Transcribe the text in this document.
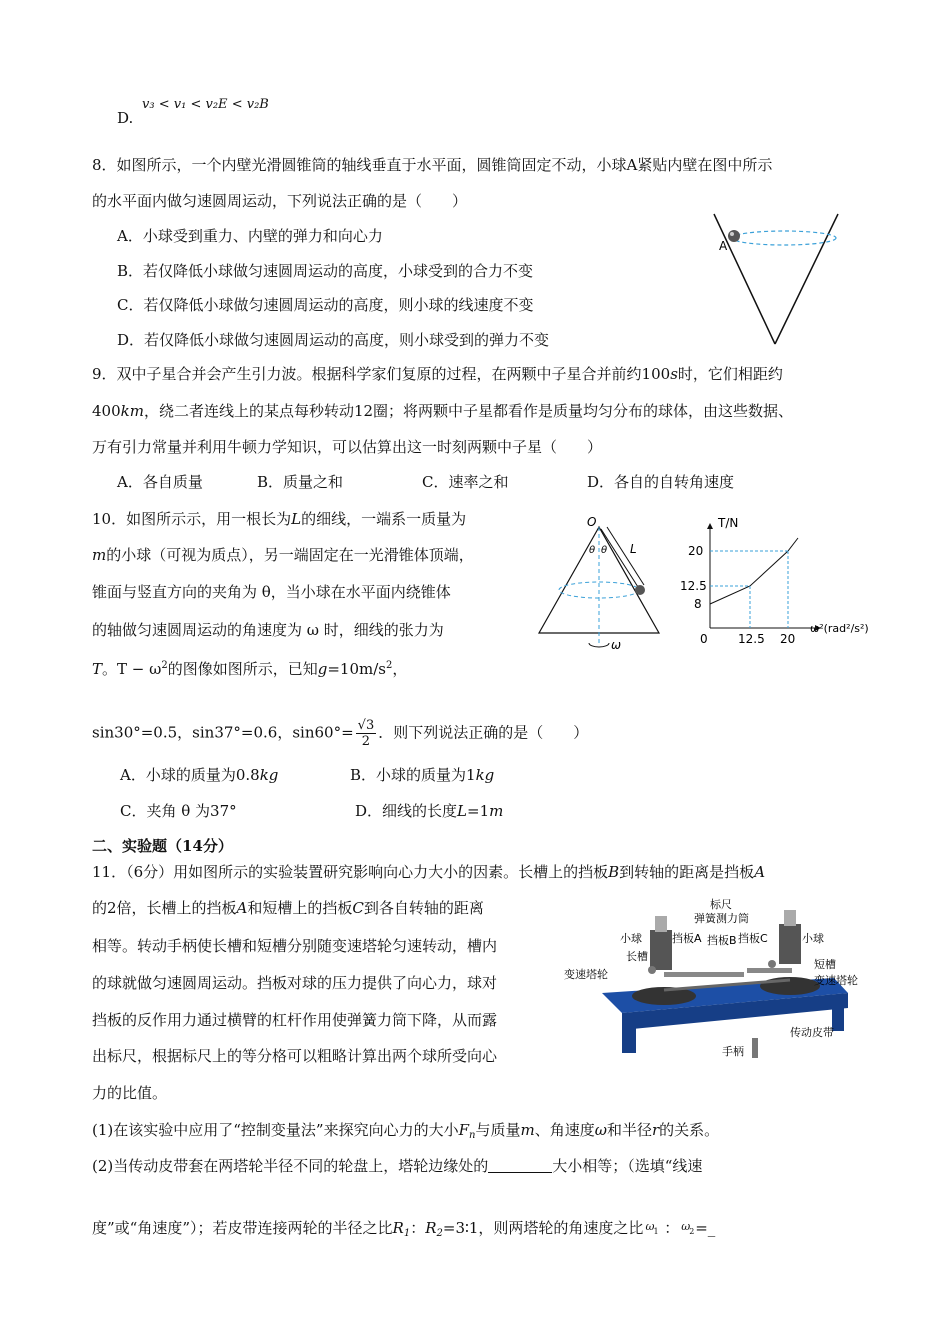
D.
v₃ < v₁ < v₂E < v₂B
8．如图所示，一个内壁光滑圆锥筒的轴线垂直于水平面，圆锥筒固定不动，小球A紧贴内壁在图中所示
的水平面内做匀速圆周运动，下列说法正确的是（　　）
A．小球受到重力、内壁的弹力和向心力
B．若仅降低小球做匀速圆周运动的高度，小球受到的合力不变
C．若仅降低小球做匀速圆周运动的高度，则小球的线速度不变
D．若仅降低小球做匀速圆周运动的高度，则小球受到的弹力不变
A
9．双中子星合并会产生引力波。根据科学家们复原的过程，在两颗中子星合并前约100s时，它们相距约
400km，绕二者连线上的某点每秒转动12圈；将两颗中子星都看作是质量均匀分布的球体，由这些数据、
万有引力常量并利用牛顿力学知识，可以估算出这一时刻两颗中子星（　　）
A．各自质量	B．质量之和	C．速率之和	D．各自的自转角速度
10．如图所示示，用一根长为L的细线，一端系一质量为
m的小球（可视为质点），另一端固定在一光滑锥体顶端，
锥面与竖直方向的夹角为 θ，当小球在水平面内绕锥体
的轴做匀速圆周运动的角速度为 ω 时，细线的张力为
T。$T - \omega^2$的图像如图所示，已知$g=10m/s^2$，
sin30°=0.5，sin37°=0.6，$\sin 60^\circ= \frac{√3}{2}$ ．则下列说法正确的是（　　）
A．小球的质量为0.8kg	B．小球的质量为1kg
C．夹角 θ 为37°	D．细线的长度L=1m
O
θ θ L
ω
T/N
ω²(rad²/s²)
20
12.5
8
0	12.5 20
二、实验题（14分）
11．（6分）用如图所示的实验装置研究影响向心力大小的因素。长槽上的挡板B到转轴的距离是挡板A
的2倍，长槽上的挡板A和短槽上的挡板C到各自转轴的距离
相等。转动手柄使长槽和短槽分别随变速塔轮匀速转动，槽内
的球就做匀速圆周运动。挡板对球的压力提供了向心力，球对
挡板的反作用力通过横臂的杠杆作用使弹簧力筒下降，从而露
出标尺，根据标尺上的等分格可以粗略计算出两个球所受向心
力的比值。
(1)在该实验中应用了“控制变量法”来探究向心力的大小$F_n$与质量m、角速度ω和半径r的关系。
(2)当传动皮带套在两塔轮半径不同的轮盘上，塔轮边缘处的	大小相等；（选填“线速
度”或“角速度”）；若皮带连接两轮的半径之比$R_1$：$R_2=3∶1$，则两塔轮的角速度之比 ω 1 ： ω 2 =_
标尺
弹簧测力筒
小球	挡板A 挡板B 挡板C	小球
长槽
短槽
变速塔轮	变速塔轮
传动皮带
手柄
